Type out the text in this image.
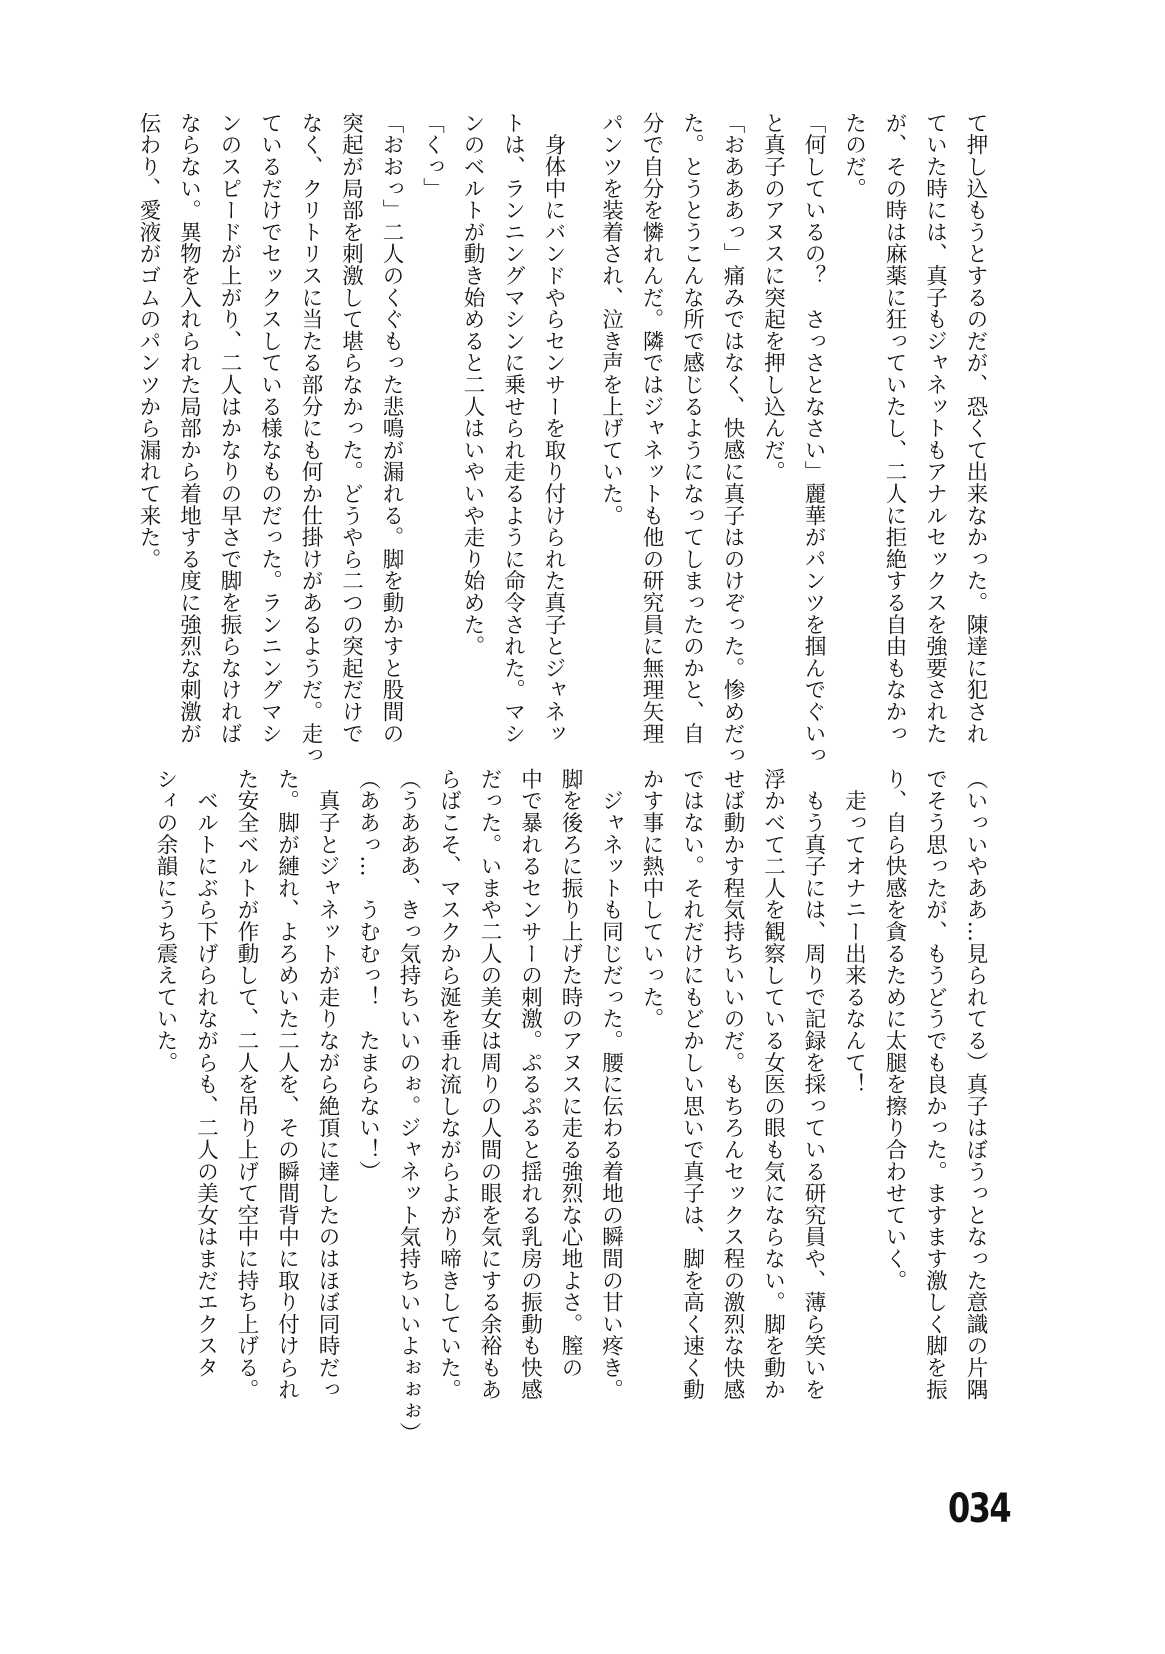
て押し込もうとするのだが、恐くて出来なかった。陳達に犯され
ていた時には、真子もジャネットもアナルセックスを強要された
が、その時は麻薬に狂っていたし、二人に拒絶する自由もなかっ
たのだ。
「何しているの？　さっさとなさい」麗華がパンツを掴んでぐいっ
と真子のアヌスに突起を押し込んだ。
「おあああっ」痛みではなく、快感に真子はのけぞった。惨めだっ
た。とうとうこんな所で感じるようになってしまったのかと、自
分で自分を憐れんだ。隣ではジャネットも他の研究員に無理矢理
パンツを装着され、泣き声を上げていた。
　身体中にバンドやらセンサーを取り付けられた真子とジャネッ
トは、ランニングマシンに乗せられ走るように命令された。マシ
ンのベルトが動き始めると二人はいやいや走り始めた。
「くっ」
「おおっ」二人のくぐもった悲鳴が漏れる。脚を動かすと股間の
突起が局部を刺激して堪らなかった。どうやら二つの突起だけで
なく、クリトリスに当たる部分にも何か仕掛けがあるようだ。走っ
ているだけでセックスしている様なものだった。ランニングマシ
ンのスピードが上がり、二人はかなりの早さで脚を振らなければ
ならない。異物を入れられた局部から着地する度に強烈な刺激が
伝わり、愛液がゴムのパンツから漏れて来た。
（いっいやああ…見られてる）真子はぼうっとなった意識の片隅
でそう思ったが、もうどうでも良かった。ますます激しく脚を振
り、自ら快感を貪るために太腿を擦り合わせていく。
　走ってオナニー出来るなんて！
　もう真子には、周りで記録を採っている研究員や、薄ら笑いを
浮かべて二人を観察している女医の眼も気にならない。脚を動か
せば動かす程気持ちいいのだ。もちろんセックス程の激烈な快感
ではない。それだけにもどかしい思いで真子は、脚を高く速く動
かす事に熱中していった。
　ジャネットも同じだった。腰に伝わる着地の瞬間の甘い疼き。
脚を後ろに振り上げた時のアヌスに走る強烈な心地よさ。膣の
中で暴れるセンサーの刺激。ぷるぷると揺れる乳房の振動も快感
だった。いまや二人の美女は周りの人間の眼を気にする余裕もあ
らばこそ、マスクから涎を垂れ流しながらよがり啼きしていた。
（うあああ、きっ気持ちいいのぉ。ジャネット気持ちいいよぉぉぉ）
（ああっ…　うむむっ！　たまらない！）
　真子とジャネットが走りながら絶頂に達したのはほぼ同時だっ
た。脚が縺れ、よろめいた二人を、その瞬間背中に取り付けられ
た安全ベルトが作動して、二人を吊り上げて空中に持ち上げる。
　ベルトにぶら下げられながらも、二人の美女はまだエクスタ
シィの余韻にうち震えていた。
034
